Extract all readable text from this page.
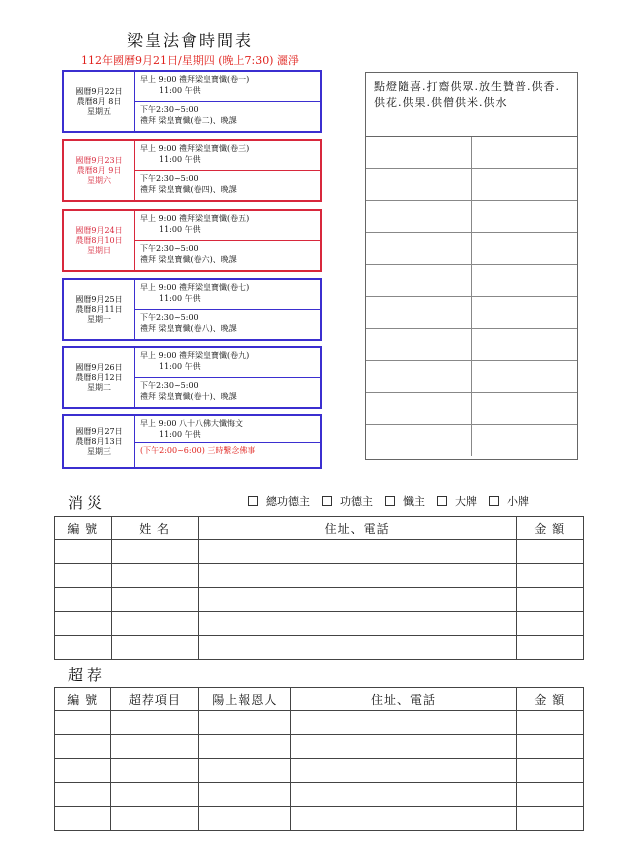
梁皇法會時間表
112年國曆9月21日/星期四 (晚上7:30) 灑淨
國曆9月22日
農曆8月 8日
星期五
早上 9:00 禮拜梁皇寶懺(卷一)
11:00 午供
下午2:30~5:00
禮拜 梁皇寶懺(卷二)、晚課
國曆9月23日
農曆8月 9日
星期六
早上 9:00 禮拜梁皇寶懺(卷三)
11:00 午供
下午2:30~5:00
禮拜 梁皇寶懺(卷四)、晚課
國曆9月24日
農曆8月10日
星期日
早上 9:00 禮拜梁皇寶懺(卷五)
11:00 午供
下午2:30~5:00
禮拜 梁皇寶懺(卷六)、晚課
國曆9月25日
農曆8月11日
星期一
早上 9:00 禮拜梁皇寶懺(卷七)
11:00 午供
下午2:30~5:00
禮拜 梁皇寶懺(卷八)、晚課
國曆9月26日
農曆8月12日
星期二
早上 9:00 禮拜梁皇寶懺(卷九)
11:00 午供
下午2:30~5:00
禮拜 梁皇寶懺(卷十)、晚課
國曆9月27日
農曆8月13日
星期三
早上 9:00 八十八佛大懺悔文
11:00 午供
(下午2:00~6:00) 三時繫念佛事
點燈隨喜.打齋供眾.放生贊普.供香.供花.供果.供僧供米.供水

消災	總功德主	功德主	懺主	大牌	小牌
編 號	姓 名	住址、電話	金 額

超荐
編 號	超荐項目	陽上報恩人	住址、電話	金 額
